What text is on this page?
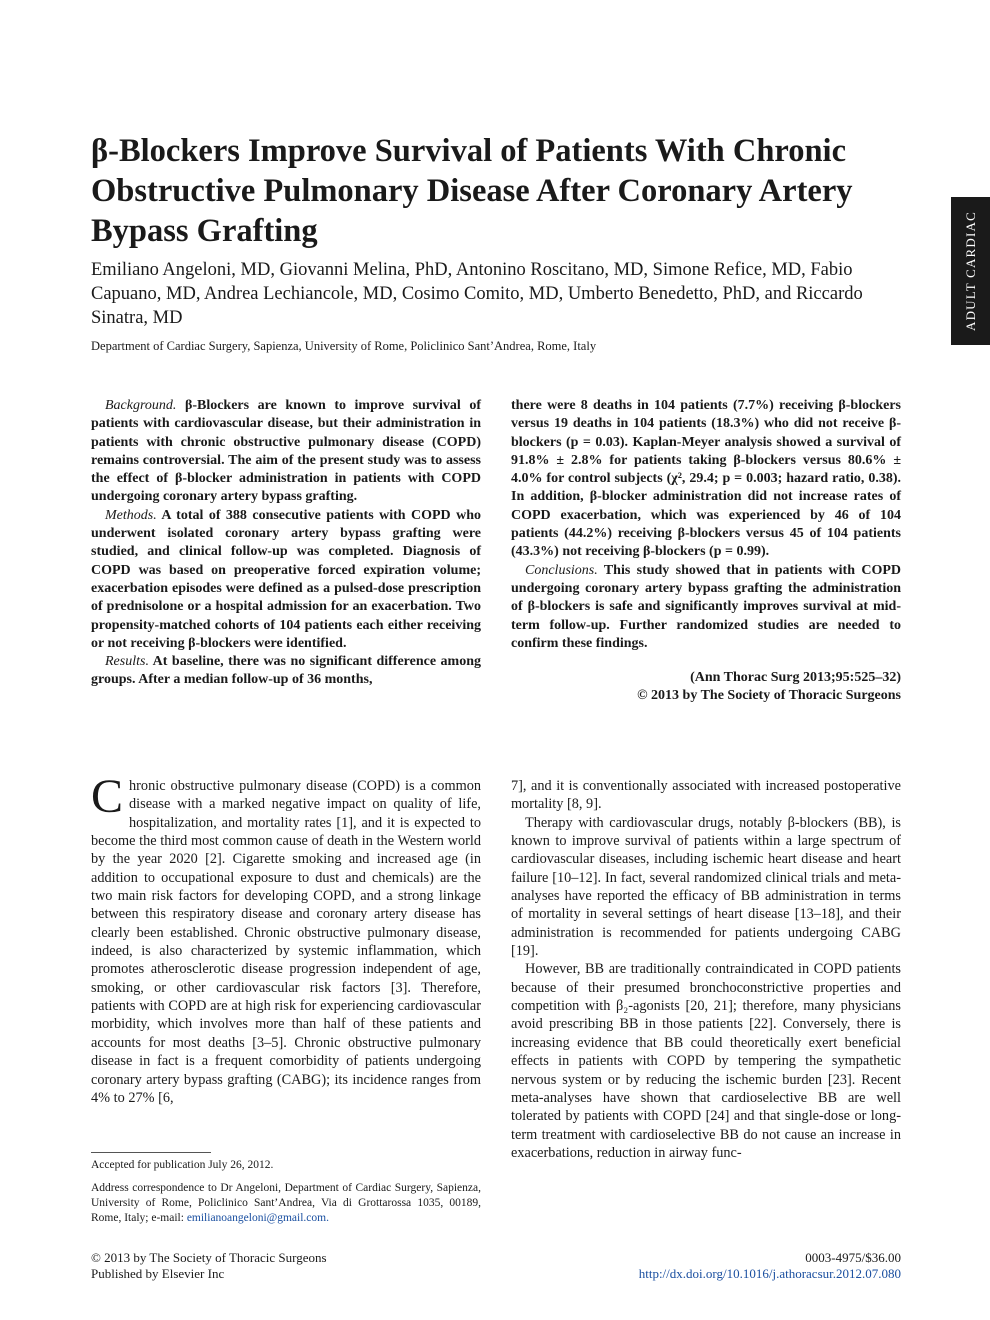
ADULT CARDIAC
β-Blockers Improve Survival of Patients With Chronic Obstructive Pulmonary Disease After Coronary Artery Bypass Grafting

Emiliano Angeloni, MD, Giovanni Melina, PhD, Antonino Roscitano, MD, Simone Refice, MD, Fabio Capuano, MD, Andrea Lechiancole, MD, Cosimo Comito, MD, Umberto Benedetto, PhD, and Riccardo Sinatra, MD

Department of Cardiac Surgery, Sapienza, University of Rome, Policlinico Sant’Andrea, Rome, Italy

Background. β-Blockers are known to improve survival of patients with cardiovascular disease, but their administration in patients with chronic obstructive pulmonary disease (COPD) remains controversial. The aim of the present study was to assess the effect of β-blocker administration in patients with COPD undergoing coronary artery bypass grafting.

Methods. A total of 388 consecutive patients with COPD who underwent isolated coronary artery bypass grafting were studied, and clinical follow-up was completed. Diagnosis of COPD was based on preoperative forced expiration volume; exacerbation episodes were defined as a pulsed-dose prescription of prednisolone or a hospital admission for an exacerbation. Two propensity-matched cohorts of 104 patients each either receiving or not receiving β-blockers were identified.

Results. At baseline, there was no significant difference among groups. After a median follow-up of 36 months,

there were 8 deaths in 104 patients (7.7%) receiving β-blockers versus 19 deaths in 104 patients (18.3%) who did not receive β-blockers (p = 0.03). Kaplan-Meyer analysis showed a survival of 91.8% ± 2.8% for patients taking β-blockers versus 80.6% ± 4.0% for control subjects (χ², 29.4; p = 0.003; hazard ratio, 0.38). In addition, β-blocker administration did not increase rates of COPD exacerbation, which was experienced by 46 of 104 patients (44.2%) receiving β-blockers versus 45 of 104 patients (43.3%) not receiving β-blockers (p = 0.99).

Conclusions. This study showed that in patients with COPD undergoing coronary artery bypass grafting the administration of β-blockers is safe and significantly improves survival at mid-term follow-up. Further randomized studies are needed to confirm these findings.

(Ann Thorac Surg 2013;95:525–32)
© 2013 by The Society of Thoracic Surgeons

Chronic obstructive pulmonary disease (COPD) is a common disease with a marked negative impact on quality of life, hospitalization, and mortality rates [1], and it is expected to become the third most common cause of death in the Western world by the year 2020 [2]. Cigarette smoking and increased age (in addition to occupational exposure to dust and chemicals) are the two main risk factors for developing COPD, and a strong linkage between this respiratory disease and coronary artery disease has clearly been established. Chronic obstructive pulmonary disease, indeed, is also characterized by systemic inflammation, which promotes atherosclerotic disease progression independent of age, smoking, or other cardiovascular risk factors [3]. Therefore, patients with COPD are at high risk for experiencing cardiovascular morbidity, which involves more than half of these patients and accounts for most deaths [3–5]. Chronic obstructive pulmonary disease in fact is a frequent comorbidity of patients undergoing coronary artery bypass grafting (CABG); its incidence ranges from 4% to 27% [6,

7], and it is conventionally associated with increased postoperative mortality [8, 9].

Therapy with cardiovascular drugs, notably β-blockers (BB), is known to improve survival of patients within a large spectrum of cardiovascular diseases, including ischemic heart disease and heart failure [10–12]. In fact, several randomized clinical trials and meta-analyses have reported the efficacy of BB administration in terms of mortality in several settings of heart disease [13–18], and their administration is recommended for patients undergoing CABG [19].

However, BB are traditionally contraindicated in COPD patients because of their presumed bronchoconstrictive properties and competition with β₂-agonists [20, 21]; therefore, many physicians avoid prescribing BB in those patients [22]. Conversely, there is increasing evidence that BB could theoretically exert beneficial effects in patients with COPD by tempering the sympathetic nervous system or by reducing the ischemic burden [23]. Recent meta-analyses have shown that cardioselective BB are well tolerated by patients with COPD [24] and that single-dose or long-term treatment with cardioselective BB do not cause an increase in exacerbations, reduction in airway func-

Accepted for publication July 26, 2012.
Address correspondence to Dr Angeloni, Department of Cardiac Surgery, Sapienza, University of Rome, Policlinico Sant’Andrea, Via di Grottarossa 1035, 00189, Rome, Italy; e-mail: emilianoangeloni@gmail.com.
© 2013 by The Society of Thoracic Surgeons
Published by Elsevier Inc
0003-4975/$36.00
http://dx.doi.org/10.1016/j.athoracsur.2012.07.080
